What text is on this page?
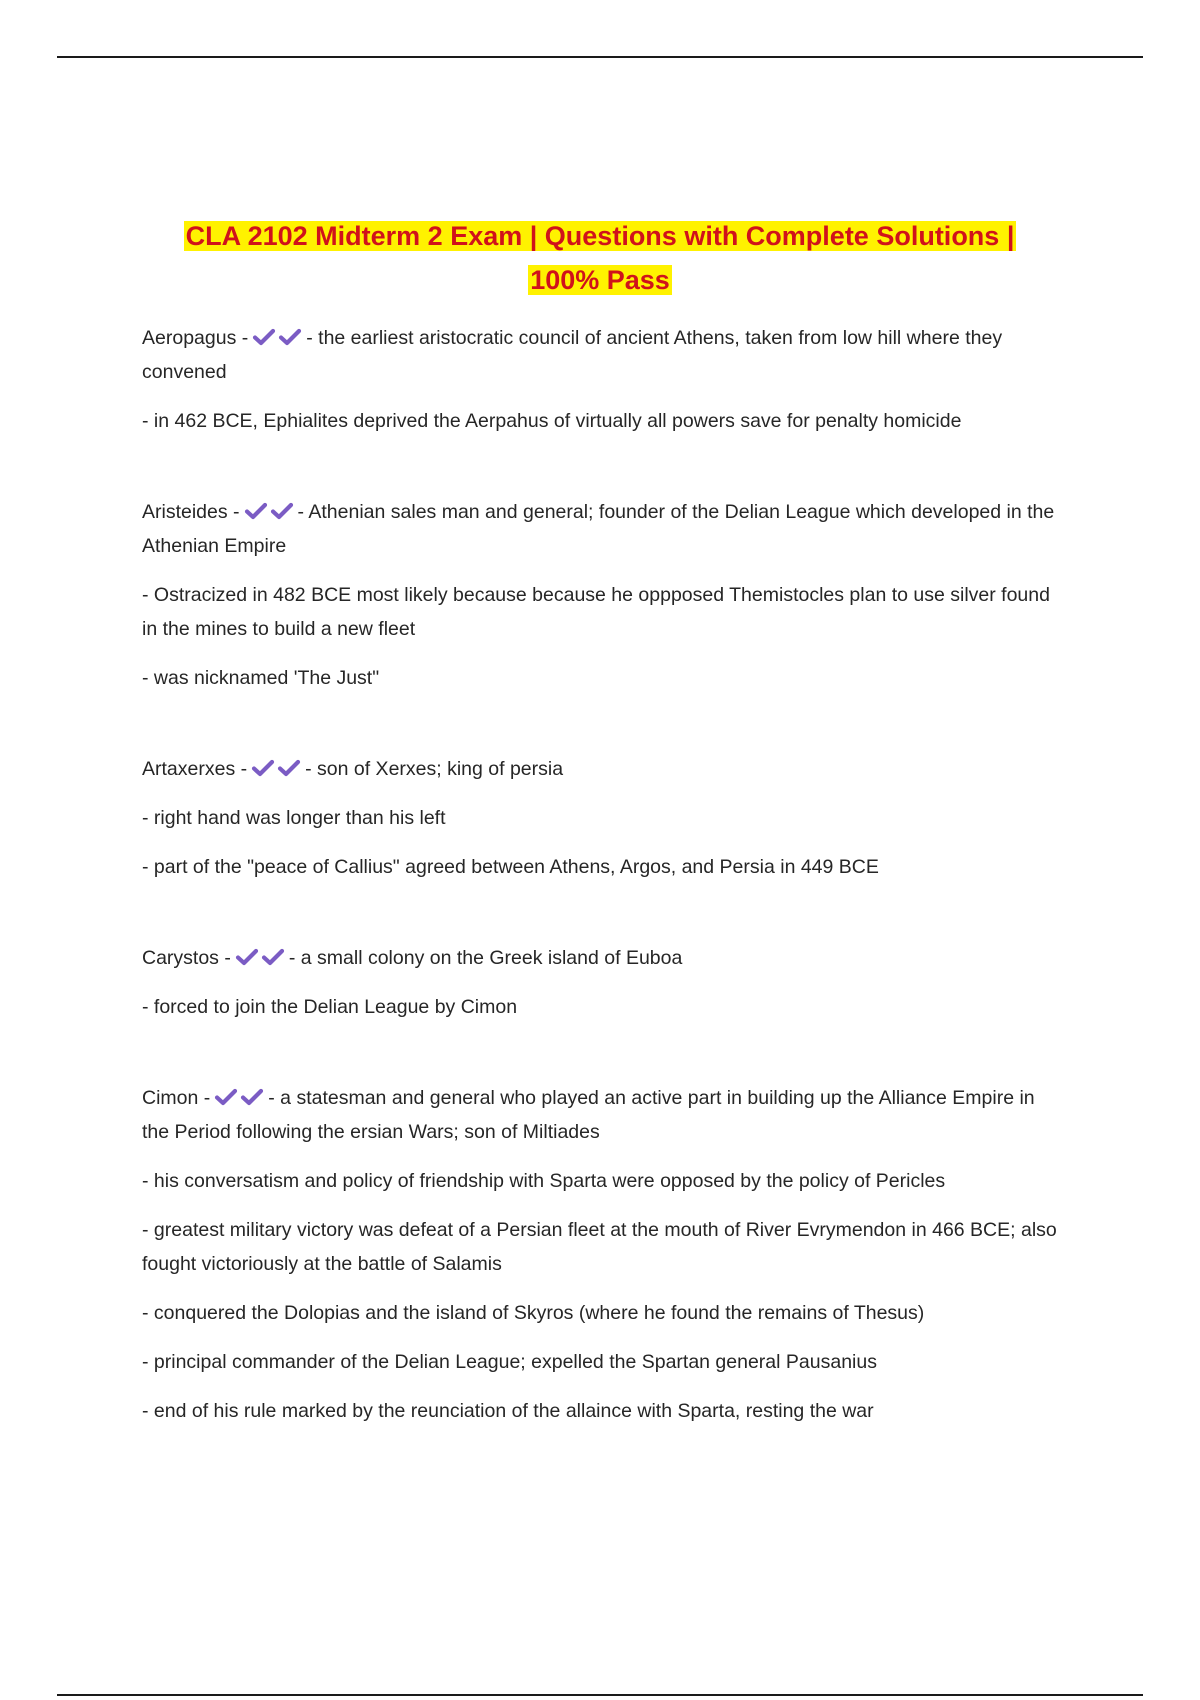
CLA 2102 Midterm 2 Exam | Questions with Complete Solutions |
100% Pass

Aeropagus -	- the earliest aristocratic council of ancient Athens, taken from low hill where they convened

- in 462 BCE, Ephialites deprived the Aerpahus of virtually all powers save for penalty homicide

Aristeides -	- Athenian sales man and general; founder of the Delian League which developed in the Athenian Empire

- Ostracized in 482 BCE most likely because because he oppposed Themistocles plan to use silver found in the mines to build a new fleet

- was nicknamed 'The Just"

Artaxerxes -	- son of Xerxes; king of persia

- right hand was longer than his left

- part of the "peace of Callius" agreed between Athens, Argos, and Persia in 449 BCE

Carystos -	- a small colony on the Greek island of Euboa

- forced to join the Delian League by Cimon

Cimon -	- a statesman and general who played an active part in building up the Alliance Empire in the Period following the ersian Wars; son of Miltiades

- his conversatism and policy of friendship with Sparta were opposed by the policy of Pericles

- greatest military victory was defeat of a Persian fleet at the mouth of River Evrymendon in 466 BCE; also fought victoriously at the battle of Salamis

- conquered the Dolopias and the island of Skyros (where he found the remains of Thesus)

- principal commander of the Delian League; expelled the Spartan general Pausanius

- end of his rule marked by the reunciation of the allaince with Sparta, resting the war
